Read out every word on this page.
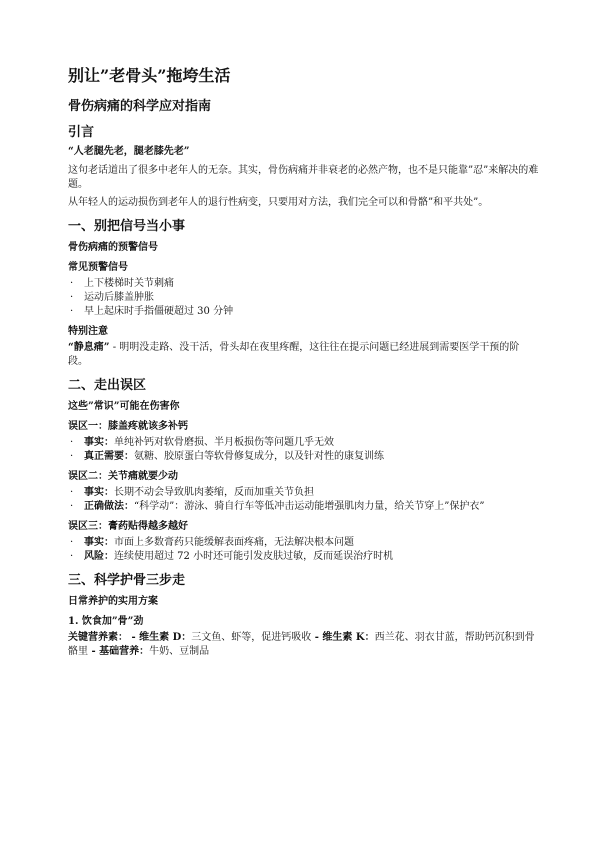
别让”老骨头”拖垮生活
骨伤病痛的科学应对指南
引言
“人老腿先老，腿老膝先老”

这句老话道出了很多中老年人的无奈。其实，骨伤病痛并非衰老的必然产物，也不是只能靠”忍”来解决的难题。

从年轻人的运动损伤到老年人的退行性病变，只要用对方法，我们完全可以和骨骼”和平共处”。

一、别把信号当小事
骨伤病痛的预警信号
常见预警信号
· 上下楼梯时关节刺痛
· 运动后膝盖肿胀
· 早上起床时手指僵硬超过 30 分钟
特别注意

“静息痛” - 明明没走路、没干活，骨头却在夜里疼醒，这往往在提示问题已经进展到需要医学干预的阶段。

二、走出误区
这些”常识”可能在伤害你
误区一：膝盖疼就该多补钙
· 事实：单纯补钙对软骨磨损、半月板损伤等问题几乎无效
· 真正需要：氨糖、胶原蛋白等软骨修复成分，以及针对性的康复训练
误区二：关节痛就要少动
· 事实：长期不动会导致肌肉萎缩，反而加重关节负担
· 正确做法：“科学动”：游泳、骑自行车等低冲击运动能增强肌肉力量，给关节穿上”保护衣”
误区三：膏药贴得越多越好
· 事实：市面上多数膏药只能缓解表面疼痛，无法解决根本问题
· 风险：连续使用超过 72 小时还可能引发皮肤过敏，反而延误治疗时机
三、科学护骨三步走
日常养护的实用方案
1. 饮食加”骨”劲

关键营养素： - 维生素 D：三文鱼、虾等，促进钙吸收 - 维生素 K：西兰花、羽衣甘蓝，帮助钙沉积到骨骼里 - 基础营养：牛奶、豆制品
